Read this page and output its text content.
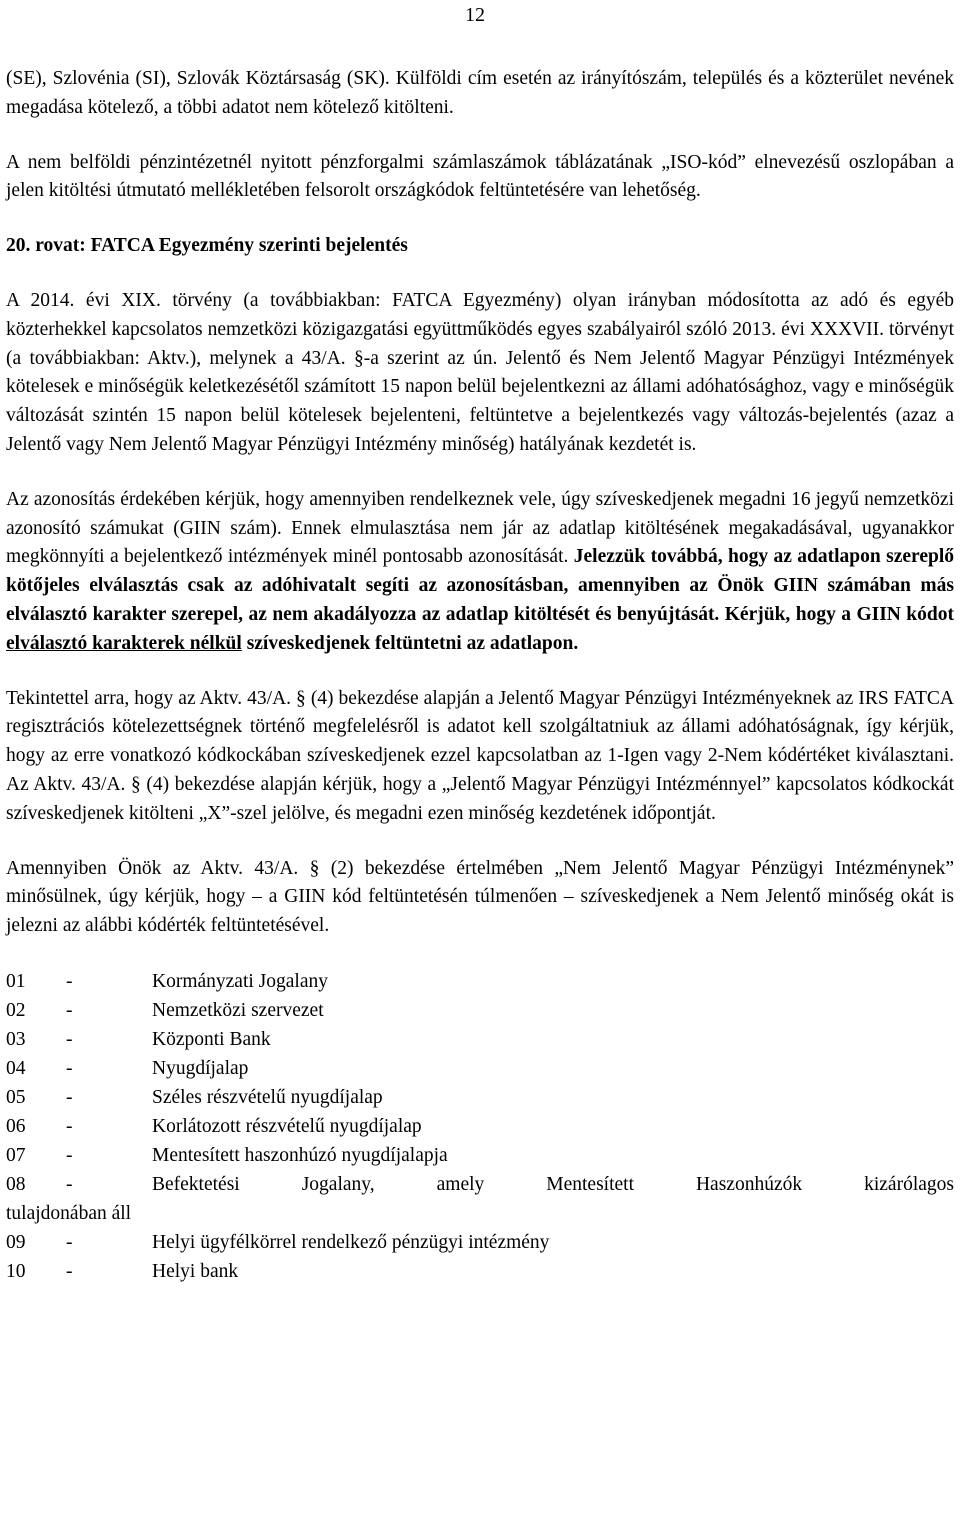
12

(SE), Szlovénia (SI), Szlovák Köztársaság (SK). Külföldi cím esetén az irányítószám, település és a közterület nevének megadása kötelező, a többi adatot nem kötelező kitölteni.

A nem belföldi pénzintézetnél nyitott pénzforgalmi számlaszámok táblázatának „ISO-kód” elnevezésű oszlopában a jelen kitöltési útmutató mellékletében felsorolt országkódok feltüntetésére van lehetőség.

20. rovat: FATCA Egyezmény szerinti bejelentés

A 2014. évi XIX. törvény (a továbbiakban: FATCA Egyezmény) olyan irányban módosította az adó és egyéb közterhekkel kapcsolatos nemzetközi közigazgatási együttműködés egyes szabályairól szóló 2013. évi XXXVII. törvényt (a továbbiakban: Aktv.), melynek a 43/A. §-a szerint az ún. Jelentő és Nem Jelentő Magyar Pénzügyi Intézmények kötelesek e minőségük keletkezésétől számított 15 napon belül bejelentkezni az állami adóhatósághoz, vagy e minőségük változását szintén 15 napon belül kötelesek bejelenteni, feltüntetve a bejelentkezés vagy változás-bejelentés (azaz a Jelentő vagy Nem Jelentő Magyar Pénzügyi Intézmény minőség) hatályának kezdetét is.

Az azonosítás érdekében kérjük, hogy amennyiben rendelkeznek vele, úgy szíveskedjenek megadni 16 jegyű nemzetközi azonosító számukat (GIIN szám). Ennek elmulasztása nem jár az adatlap kitöltésének megakadásával, ugyanakkor megkönnyíti a bejelentkező intézmények minél pontosabb azonosítását. Jelezzük továbbá, hogy az adatlapon szereplő kötőjeles elválasztás csak az adóhivatalt segíti az azonosításban, amennyiben az Önök GIIN számában más elválasztó karakter szerepel, az nem akadályozza az adatlap kitöltését és benyújtását. Kérjük, hogy a GIIN kódot elválasztó karakterek nélkül szíveskedjenek feltüntetni az adatlapon.

Tekintettel arra, hogy az Aktv. 43/A. § (4) bekezdése alapján a Jelentő Magyar Pénzügyi Intézményeknek az IRS FATCA regisztrációs kötelezettségnek történő megfelelésről is adatot kell szolgáltatniuk az állami adóhatóságnak, így kérjük, hogy az erre vonatkozó kódkockában szíveskedjenek ezzel kapcsolatban az 1-Igen vagy 2-Nem kódértéket kiválasztani. Az Aktv. 43/A. § (4) bekezdése alapján kérjük, hogy a „Jelentő Magyar Pénzügyi Intézménnyel” kapcsolatos kódkockát szíveskedjenek kitölteni „X”-szel jelölve, és megadni ezen minőség kezdetének időpontját.

Amennyiben Önök az Aktv. 43/A. § (2) bekezdése értelmében „Nem Jelentő Magyar Pénzügyi Intézménynek” minősülnek, úgy kérjük, hogy – a GIIN kód feltüntetésén túlmenően – szíveskedjenek a Nem Jelentő minőség okát is jelezni az alábbi kódérték feltüntetésével.

01	-	Kormányzati Jogalany
02	-	Nemzetközi szervezet
03	-	Központi Bank
04	-	Nyugdíjalap
05	-	Széles részvételű nyugdíjalap
06	-	Korlátozott részvételű nyugdíjalap
07	-	Mentesített haszonhúzó nyugdíjalapja
08	-	Befektetési Jogalany, amely Mentesített Haszonhúzók kizárólagos
tulajdonában áll
09	-	Helyi ügyfélkörrel rendelkező pénzügyi intézmény
10	-	Helyi bank
